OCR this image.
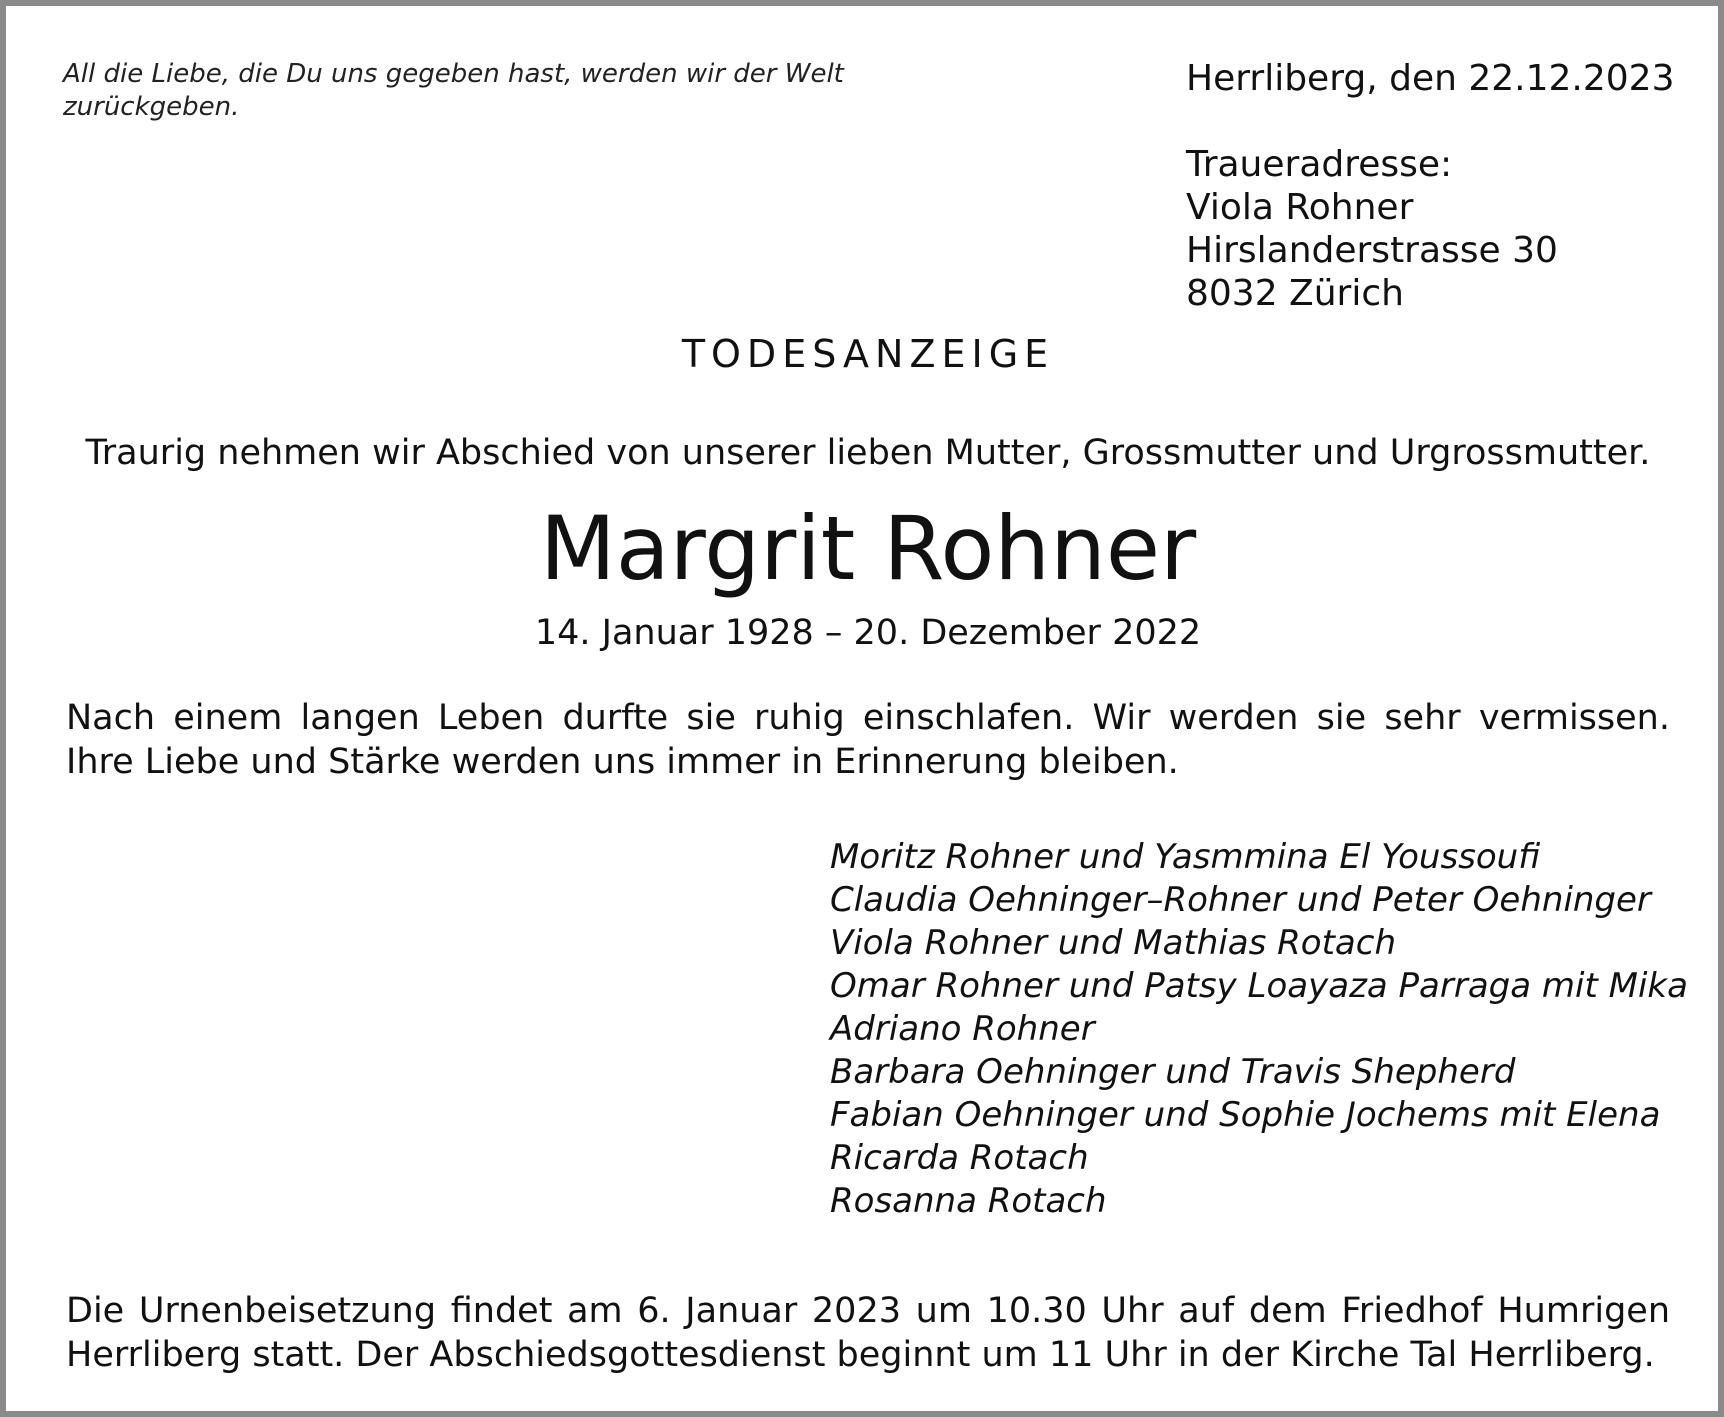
All die Liebe, die Du uns gegeben hast, werden wir der Welt zurückgeben.
Herrliberg, den 22.12.2023
Traueradresse:
Viola Rohner
Hirslanderstrasse 30
8032 Zürich
TODESANZEIGE
Traurig nehmen wir Abschied von unserer lieben Mutter, Grossmutter und Urgrossmutter.
Margrit Rohner
14. Januar 1928 – 20. Dezember 2022
Nach einem langen Leben durfte sie ruhig einschlafen. Wir werden sie sehr vermissen.
Ihre Liebe und Stärke werden uns immer in Erinnerung bleiben.
Moritz Rohner und Yasmmina El Youssoufi
Claudia Oehninger–Rohner und Peter Oehninger
Viola Rohner und Mathias Rotach
Omar Rohner und Patsy Loayaza Parraga mit Mika
Adriano Rohner
Barbara Oehninger und Travis Shepherd
Fabian Oehninger und Sophie Jochems mit Elena
Ricarda Rotach
Rosanna Rotach
Die Urnenbeisetzung findet am 6. Januar 2023 um 10.30 Uhr auf dem Friedhof Humrigen
Herrliberg statt. Der Abschiedsgottesdienst beginnt um 11 Uhr in der Kirche Tal Herrliberg.
